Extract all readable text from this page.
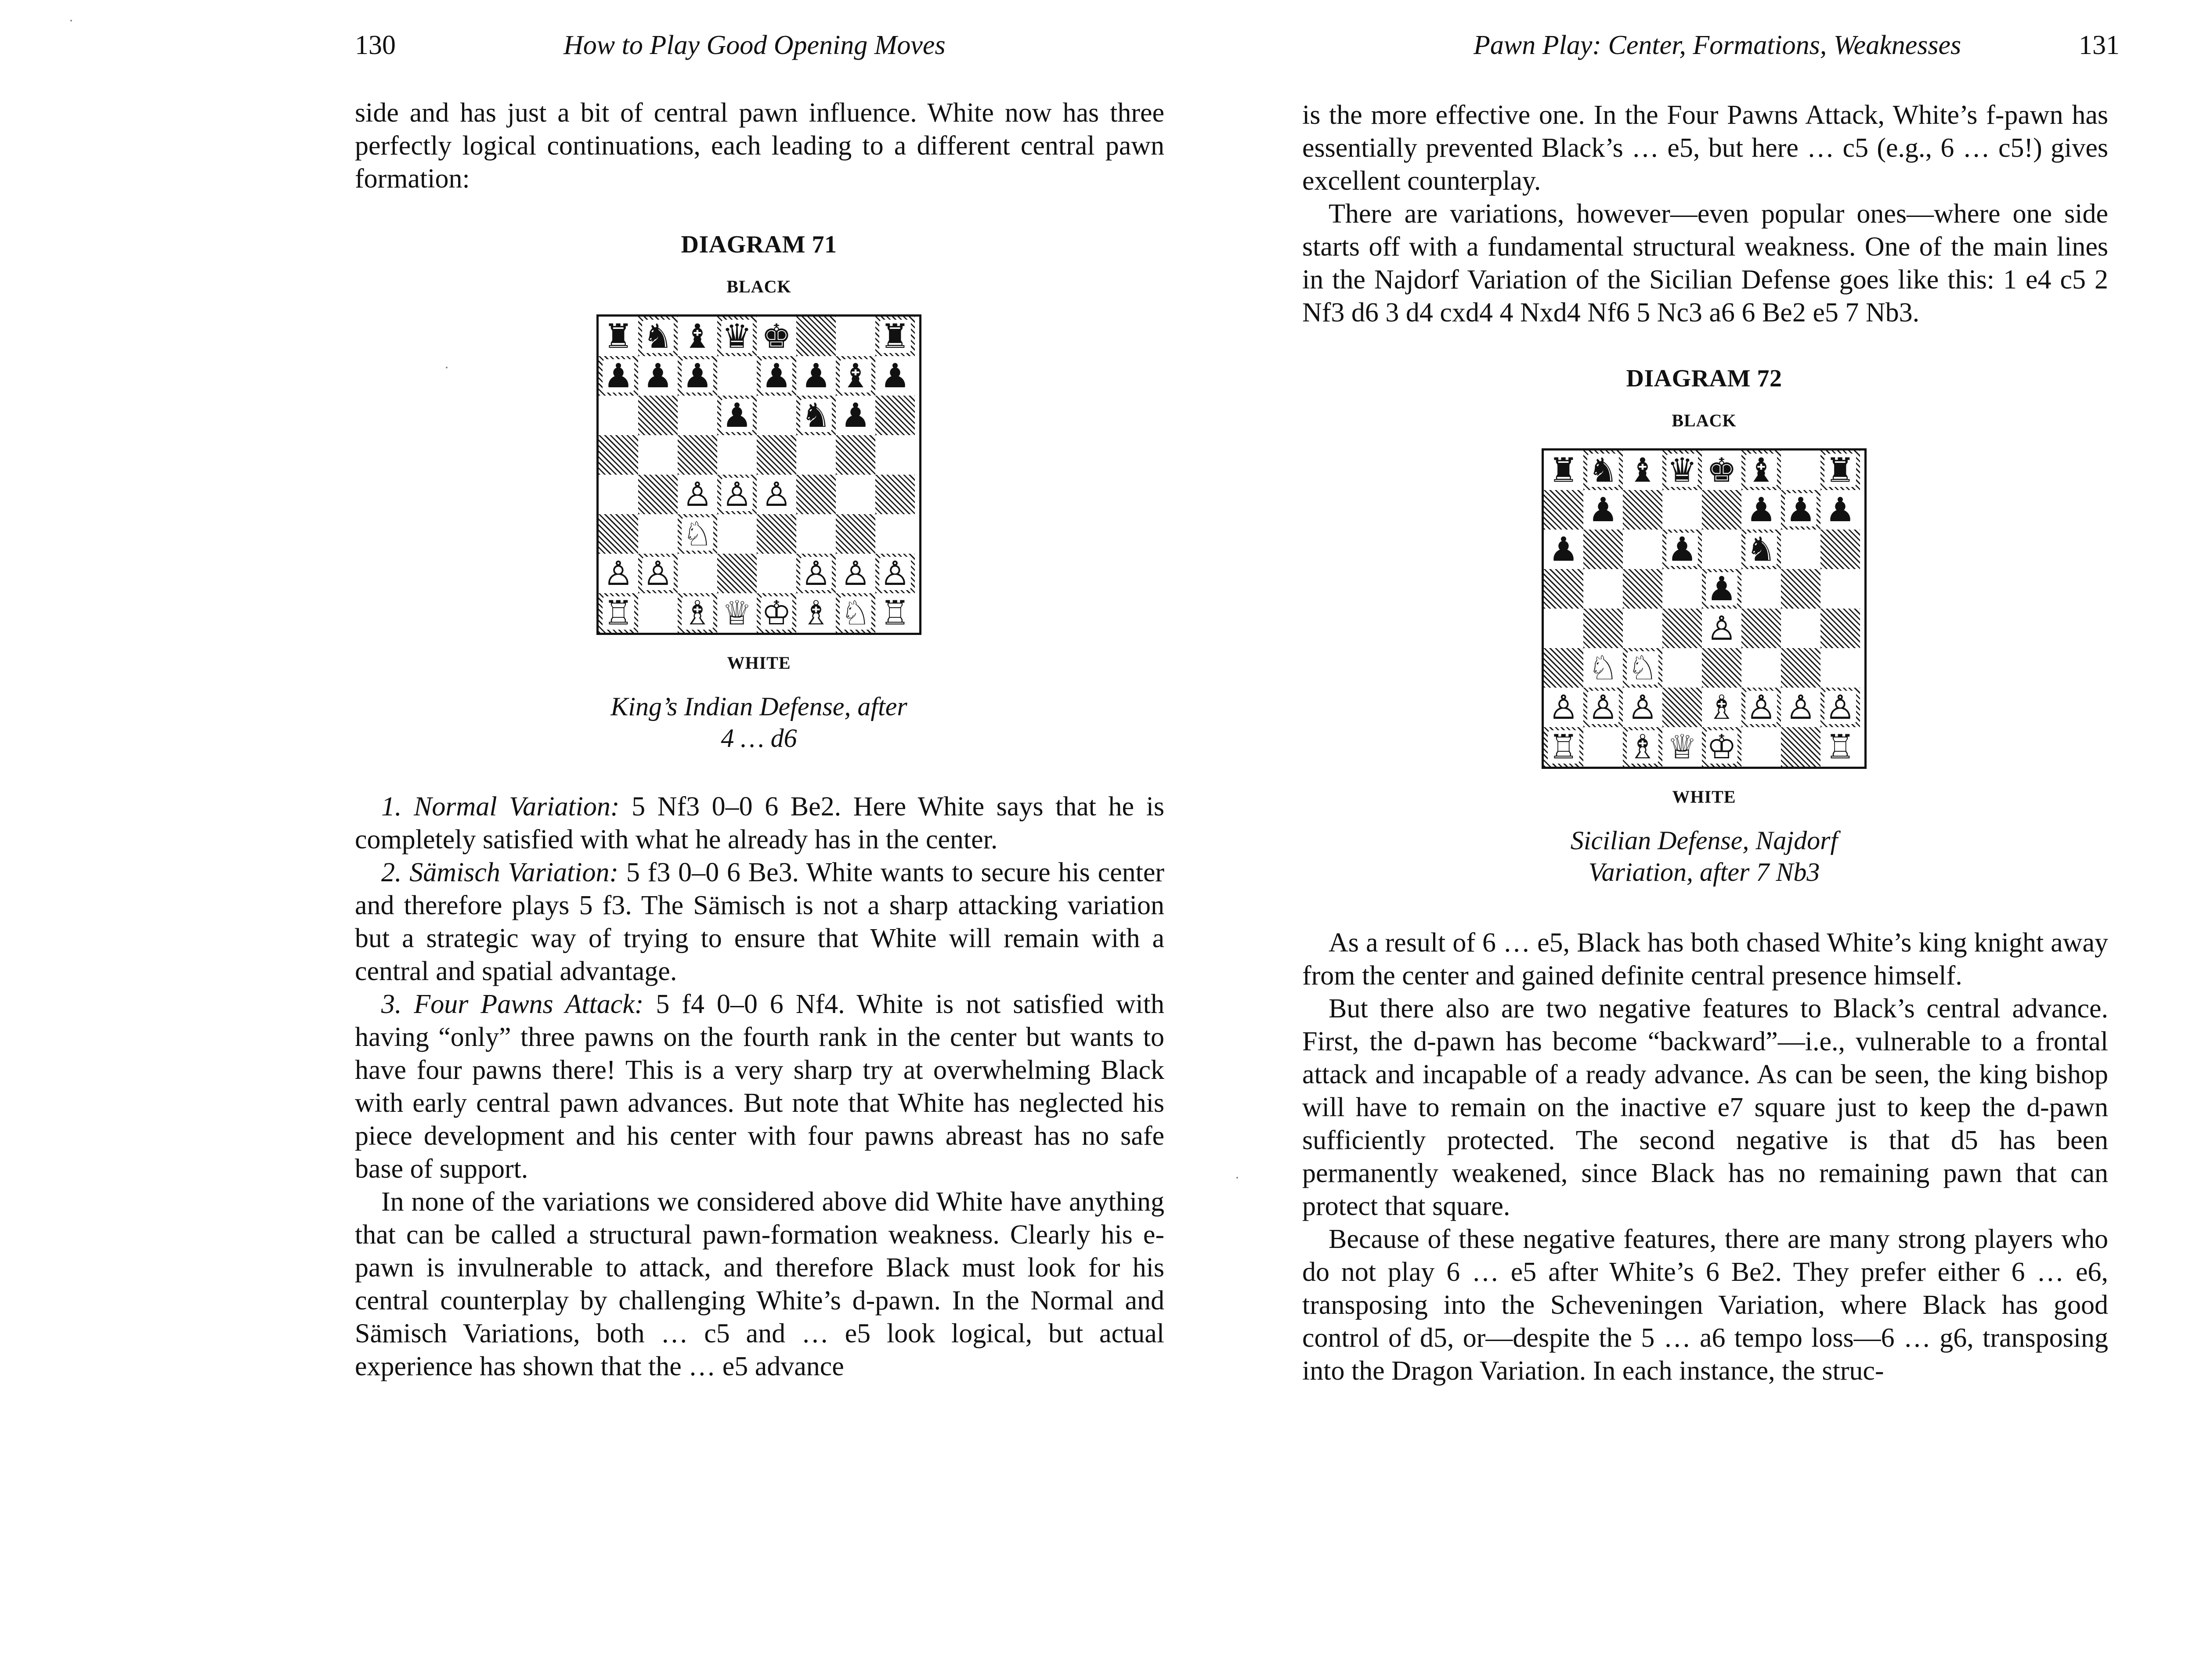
130	How to Play Good Opening Moves

side and has just a bit of central pawn influence. White now has three perfectly logical continuations, each leading to a different central pawn formation:

DIAGRAM 71
BLACK
♜ ♞ ♝ ♛ ♚	♜
♟ ♟ ♟ ♟ ♟ ♝ ♟
♟ ♞ ♟
♙ ♙ ♙
♘
♙ ♙	♙ ♙ ♙
♖ ♗ ♕ ♔ ♗ ♘ ♖
WHITE
King’s Indian Defense, after
4 … d6

1. Normal Variation: 5 Nf3 0–0 6 Be2. Here White says that he is completely satisfied with what he already has in the center.

2. Sämisch Variation: 5 f3 0–0 6 Be3. White wants to secure his center and therefore plays 5 f3. The Sämisch is not a sharp attacking variation but a strategic way of trying to ensure that White will remain with a central and spatial advantage.

3. Four Pawns Attack: 5 f4 0–0 6 Nf4. White is not satisfied with having “only” three pawns on the fourth rank in the center but wants to have four pawns there! This is a very sharp try at overwhelming Black with early central pawn advances. But note that White has neglected his piece development and his center with four pawns abreast has no safe base of support.

In none of the variations we considered above did White have anything that can be called a structural pawn-formation weakness. Clearly his e-pawn is invulnerable to attack, and therefore Black must look for his central counterplay by challenging White’s d-pawn. In the Normal and Sämisch Variations, both … c5 and … e5 look logical, but actual experience has shown that the … e5 advance

Pawn Play: Center, Formations, Weaknesses	131

is the more effective one. In the Four Pawns Attack, White’s f-pawn has essentially prevented Black’s … e5, but here … c5 (e.g., 6 … c5!) gives excellent counterplay.

There are variations, however—even popular ones—where one side starts off with a fundamental structural weakness. One of the main lines in the Najdorf Variation of the Sicilian Defense goes like this: 1 e4 c5 2 Nf3 d6 3 d4 cxd4 4 Nxd4 Nf6 5 Nc3 a6 6 Be2 e5 7 Nb3.

DIAGRAM 72
BLACK
♜ ♞ ♝ ♛ ♚ ♝ ♜
♟	♟ ♟ ♟
♟	♟ ♞
♟
♙
♘ ♘
♙ ♙ ♙ ♗ ♙ ♙ ♙
♖ ♗ ♕ ♔	♖
WHITE
Sicilian Defense, Najdorf
Variation, after 7 Nb3

As a result of 6 … e5, Black has both chased White’s king knight away from the center and gained definite central presence himself.

But there also are two negative features to Black’s central advance. First, the d-pawn has become “backward”—i.e., vulnerable to a frontal attack and incapable of a ready advance. As can be seen, the king bishop will have to remain on the inactive e7 square just to keep the d-pawn sufficiently protected. The second negative is that d5 has been permanently weakened, since Black has no remaining pawn that can protect that square.

Because of these negative features, there are many strong players who do not play 6 … e5 after White’s 6 Be2. They prefer either 6 … e6, transposing into the Scheveningen Variation, where Black has good control of d5, or—despite the 5 … a6 tempo loss—6 … g6, transposing into the Dragon Variation. In each instance, the struc-
